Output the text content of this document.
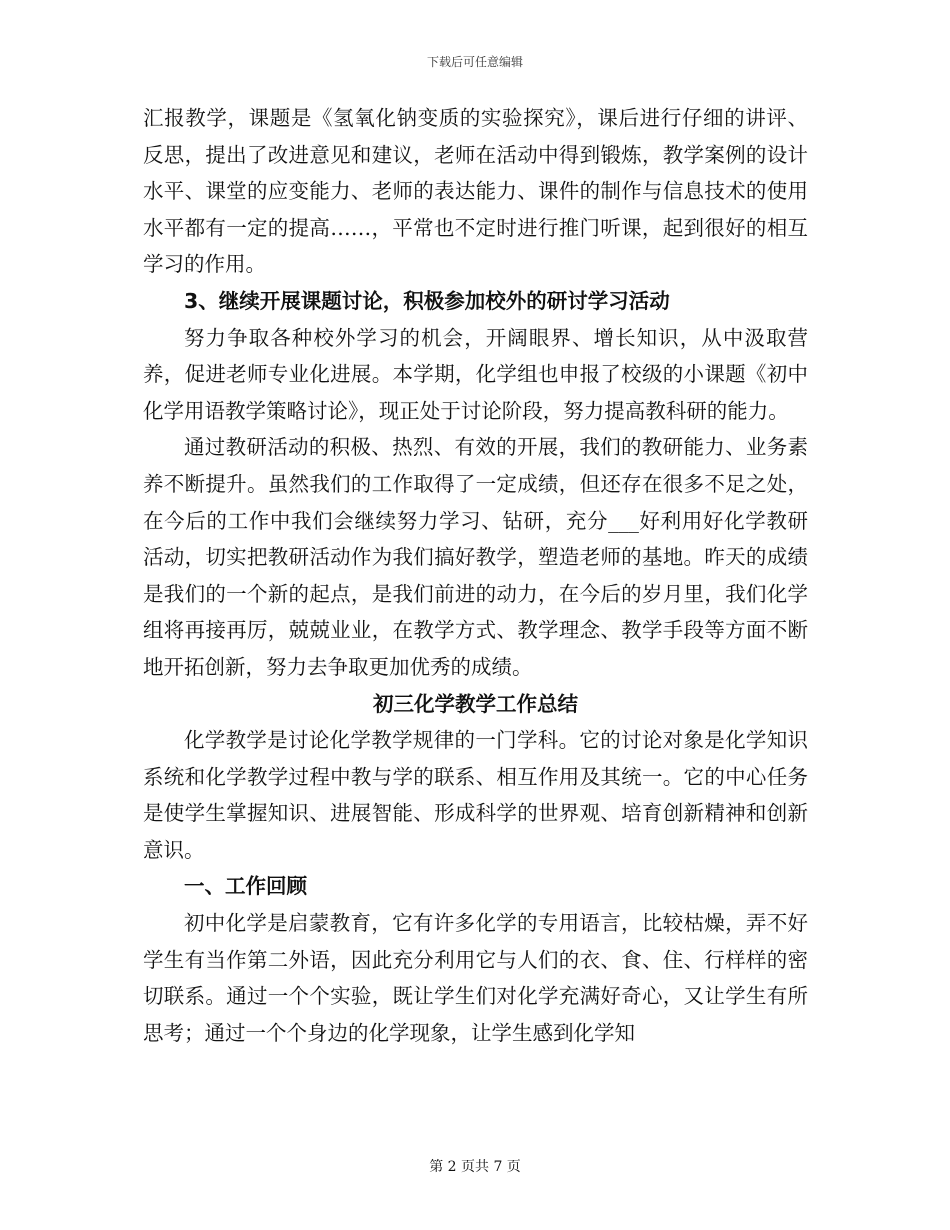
下载后可任意编辑

汇报教学，课题是《氢氧化钠变质的实验探究》，课后进行仔细的讲评、反思，提出了改进意见和建议，老师在活动中得到锻炼，教学案例的设计水平、课堂的应变能力、老师的表达能力、课件的制作与信息技术的使用水平都有一定的提高……，平常也不定时进行推门听课，起到很好的相互学习的作用。

3、继续开展课题讨论，积极参加校外的研讨学习活动

努力争取各种校外学习的机会，开阔眼界、增长知识，从中汲取营养，促进老师专业化进展。本学期，化学组也申报了校级的小课题《初中化学用语教学策略讨论》，现正处于讨论阶段，努力提高教科研的能力。

通过教研活动的积极、热烈、有效的开展，我们的教研能力、业务素养不断提升。虽然我们的工作取得了一定成绩，但还存在很多不足之处，在今后的工作中我们会继续努力学习、钻研，充分___好利用好化学教研活动，切实把教研活动作为我们搞好教学，塑造老师的基地。昨天的成绩是我们的一个新的起点，是我们前进的动力，在今后的岁月里，我们化学组将再接再厉，兢兢业业，在教学方式、教学理念、教学手段等方面不断地开拓创新，努力去争取更加优秀的成绩。

初三化学教学工作总结

化学教学是讨论化学教学规律的一门学科。它的讨论对象是化学知识系统和化学教学过程中教与学的联系、相互作用及其统一。它的中心任务是使学生掌握知识、进展智能、形成科学的世界观、培育创新精神和创新意识。

一、工作回顾

初中化学是启蒙教育，它有许多化学的专用语言，比较枯燥，弄不好学生有当作第二外语，因此充分利用它与人们的衣、食、住、行样样的密切联系。通过一个个实验，既让学生们对化学充满好奇心，又让学生有所思考；通过一个个身边的化学现象，让学生感到化学知

第 2 页共 7 页
